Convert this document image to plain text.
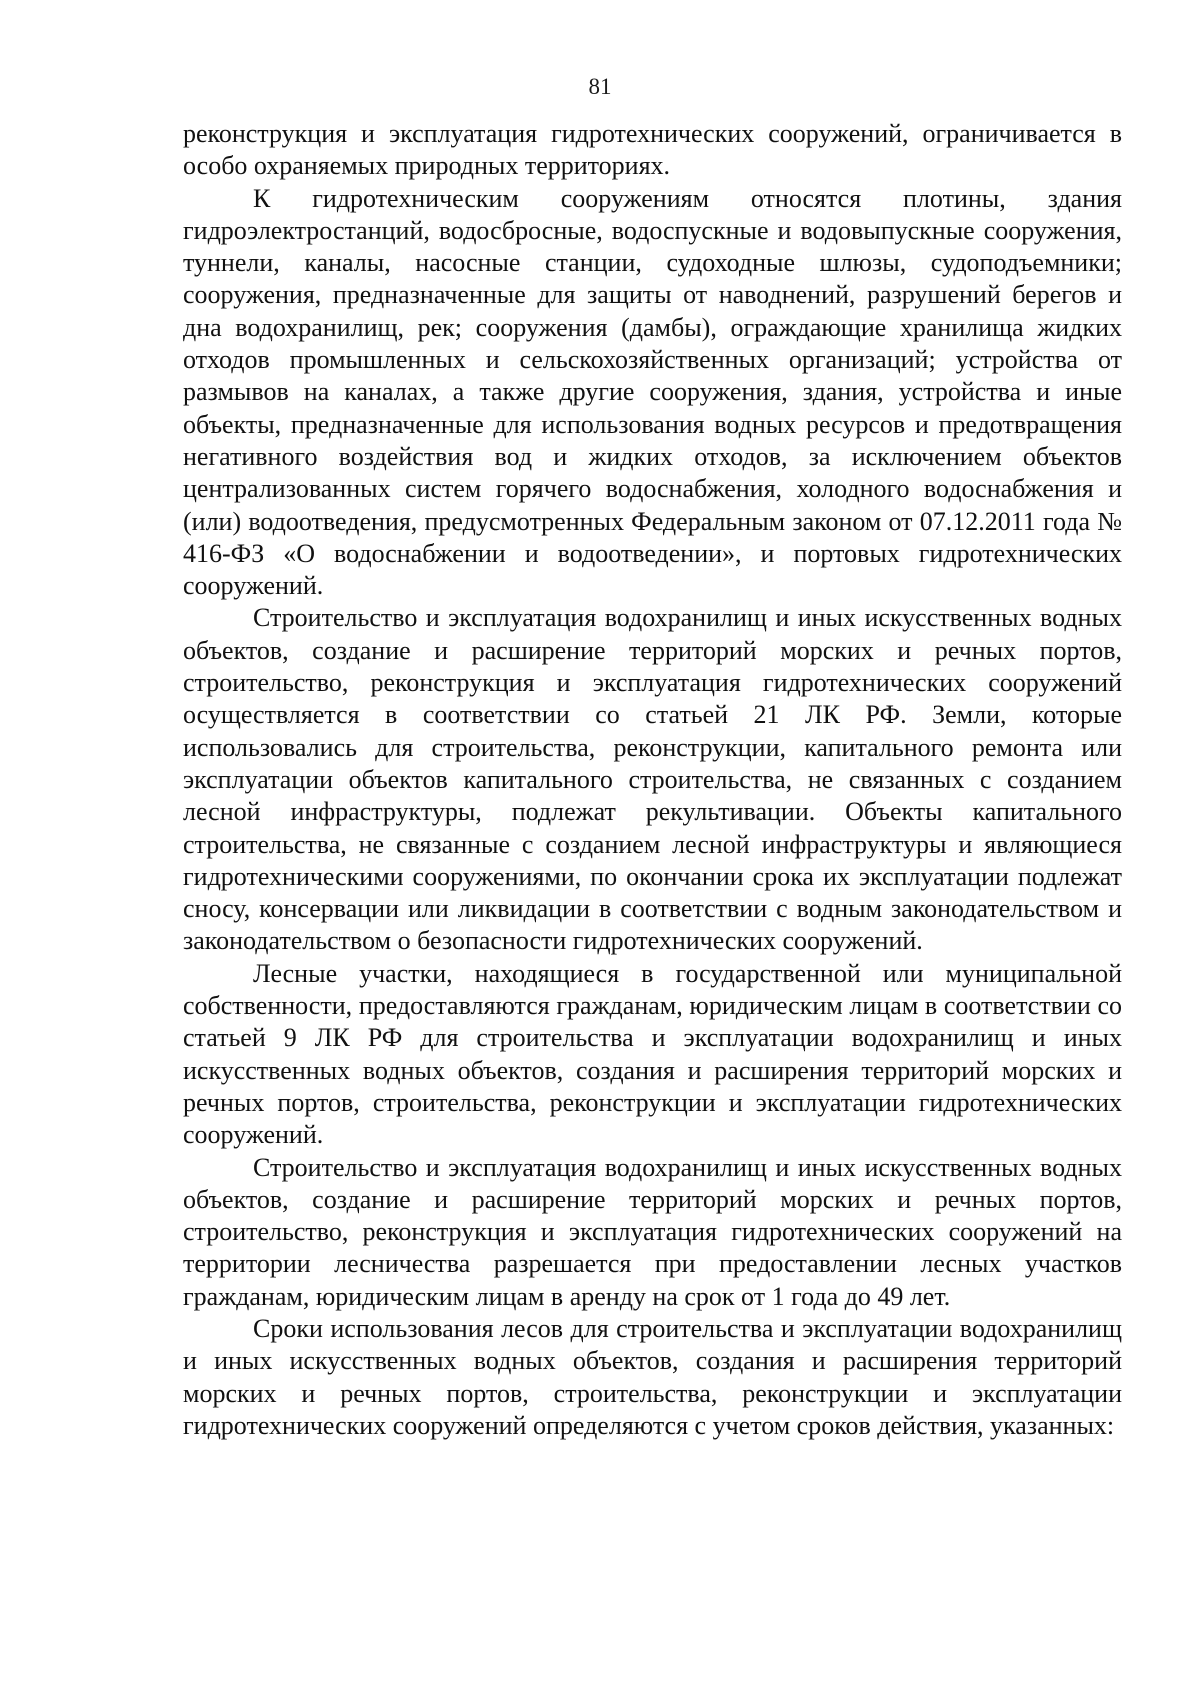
81

реконструкция и эксплуатация гидротехнических сооружений, ограничивается в особо охраняемых природных территориях.

К гидротехническим сооружениям относятся плотины, здания гидроэлектростанций, водосбросные, водоспускные и водовыпускные сооружения, туннели, каналы, насосные станции, судоходные шлюзы, судоподъемники; сооружения, предназначенные для защиты от наводнений, разрушений берегов и дна водохранилищ, рек; сооружения (дамбы), ограждающие хранилища жидких отходов промышленных и сельскохозяйственных организаций; устройства от размывов на каналах, а также другие сооружения, здания, устройства и иные объекты, предназначенные для использования водных ресурсов и предотвращения негативного воздействия вод и жидких отходов, за исключением объектов централизованных систем горячего водоснабжения, холодного водоснабжения и (или) водоотведения, предусмотренных Федеральным законом от 07.12.2011 года № 416-ФЗ «О водоснабжении и водоотведении», и портовых гидротехнических сооружений.

Строительство и эксплуатация водохранилищ и иных искусственных водных объектов, создание и расширение территорий морских и речных портов, строительство, реконструкция и эксплуатация гидротехнических сооружений осуществляется в соответствии со статьей 21 ЛК РФ. Земли, которые использовались для строительства, реконструкции, капитального ремонта или эксплуатации объектов капитального строительства, не связанных с созданием лесной инфраструктуры, подлежат рекультивации. Объекты капитального строительства, не связанные с созданием лесной инфраструктуры и являющиеся гидротехническими сооружениями, по окончании срока их эксплуатации подлежат сносу, консервации или ликвидации в соответствии с водным законодательством и законодательством о безопасности гидротехнических сооружений.

Лесные участки, находящиеся в государственной или муниципальной собственности, предоставляются гражданам, юридическим лицам в соответствии со статьей 9 ЛК РФ для строительства и эксплуатации водохранилищ и иных искусственных водных объектов, создания и расширения территорий морских и речных портов, строительства, реконструкции и эксплуатации гидротехнических сооружений.

Строительство и эксплуатация водохранилищ и иных искусственных водных объектов, создание и расширение территорий морских и речных портов, строительство, реконструкция и эксплуатация гидротехнических сооружений на территории лесничества разрешается при предоставлении лесных участков гражданам, юридическим лицам в аренду на срок от 1 года до 49 лет.

Сроки использования лесов для строительства и эксплуатации водохранилищ и иных искусственных водных объектов, создания и расширения территорий морских и речных портов, строительства, реконструкции и эксплуатации гидротехнических сооружений определяются с учетом сроков действия, указанных:
